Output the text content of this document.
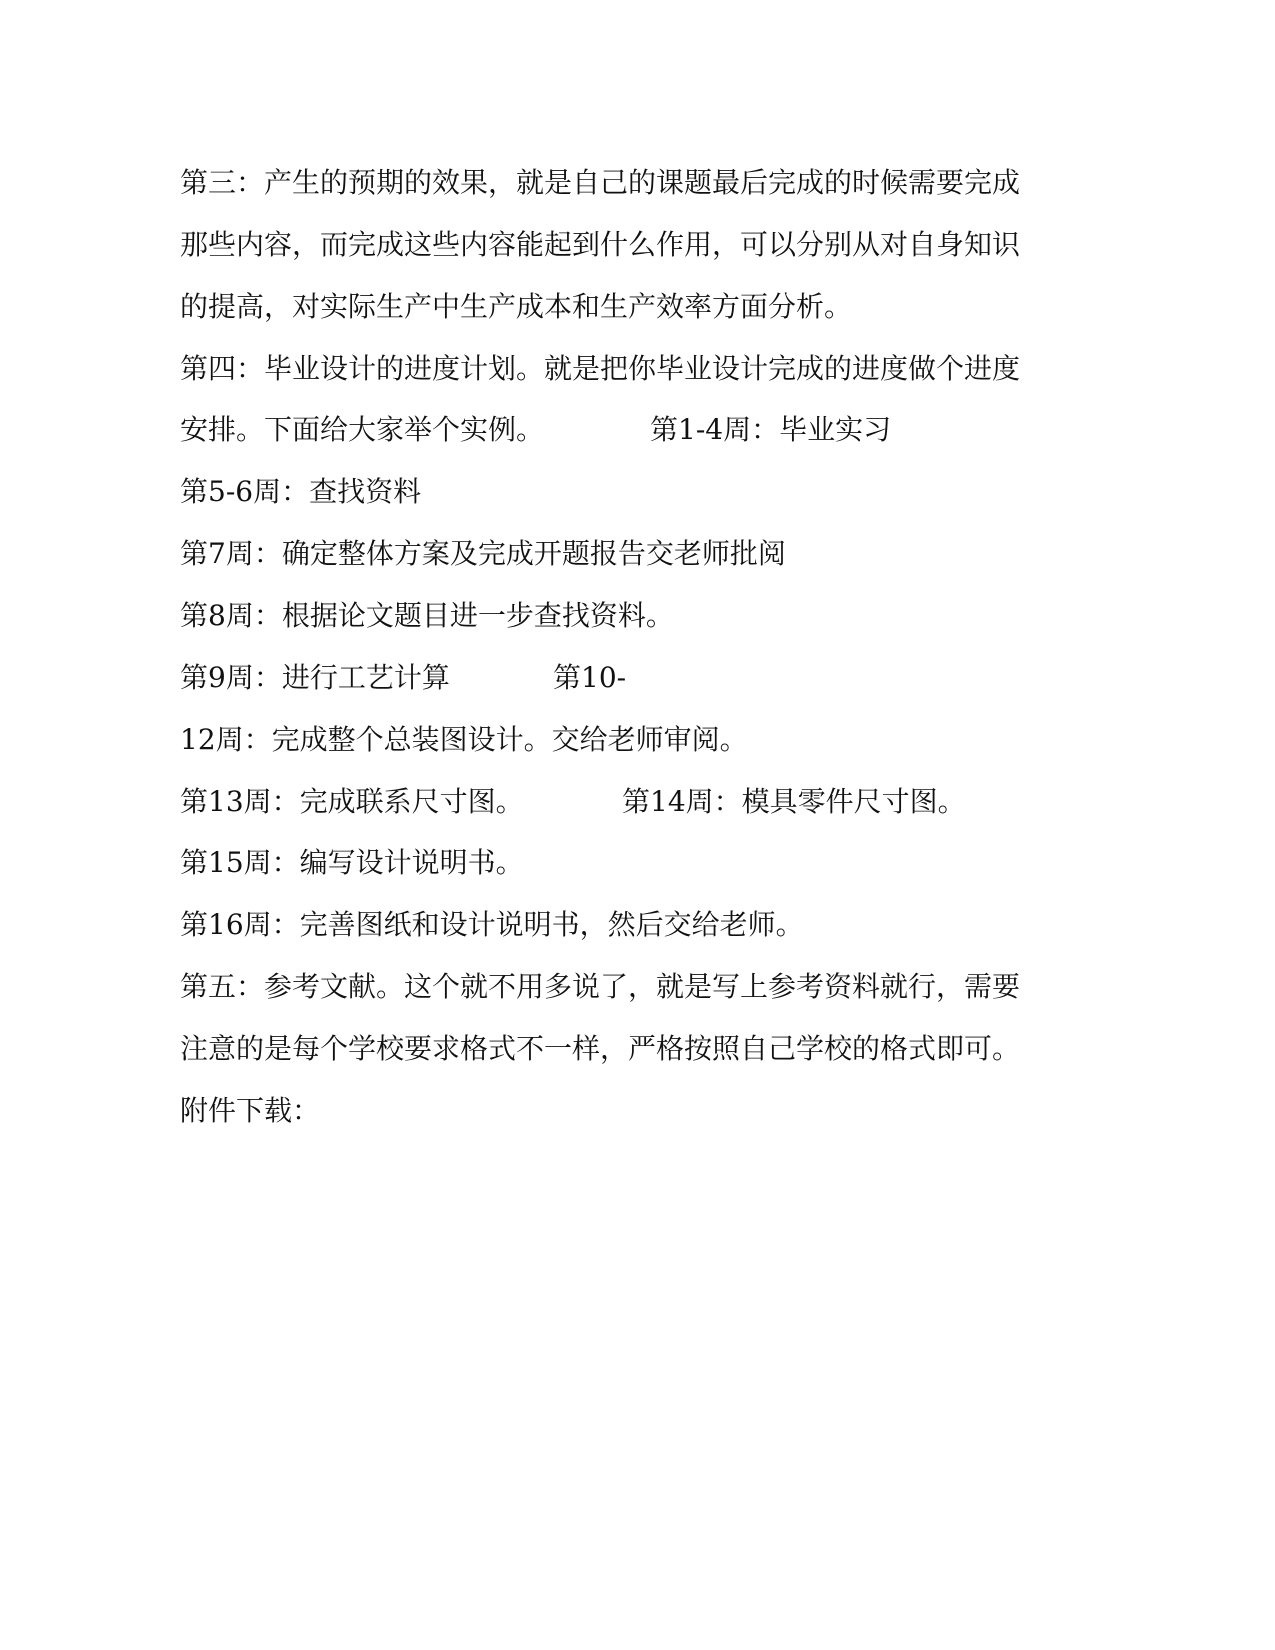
第三：产生的预期的效果，就是自己的课题最后完成的时候需要完成
那些内容，而完成这些内容能起到什么作用，可以分别从对自身知识
的提高，对实际生产中生产成本和生产效率方面分析。
第四：毕业设计的进度计划。就是把你毕业设计完成的进度做个进度
安排。下面给大家举个实例。	第1-4周：毕业实习
第5-6周：查找资料
第7周：确定整体方案及完成开题报告交老师批阅
第8周：根据论文题目进一步查找资料。
第9周：进行工艺计算	第10-
12周：完成整个总装图设计。交给老师审阅。
第13周：完成联系尺寸图。	第14周：模具零件尺寸图。
第15周：编写设计说明书。
第16周：完善图纸和设计说明书，然后交给老师。
第五：参考文献。这个就不用多说了，就是写上参考资料就行，需要
注意的是每个学校要求格式不一样，严格按照自己学校的格式即可。
附件下载：
